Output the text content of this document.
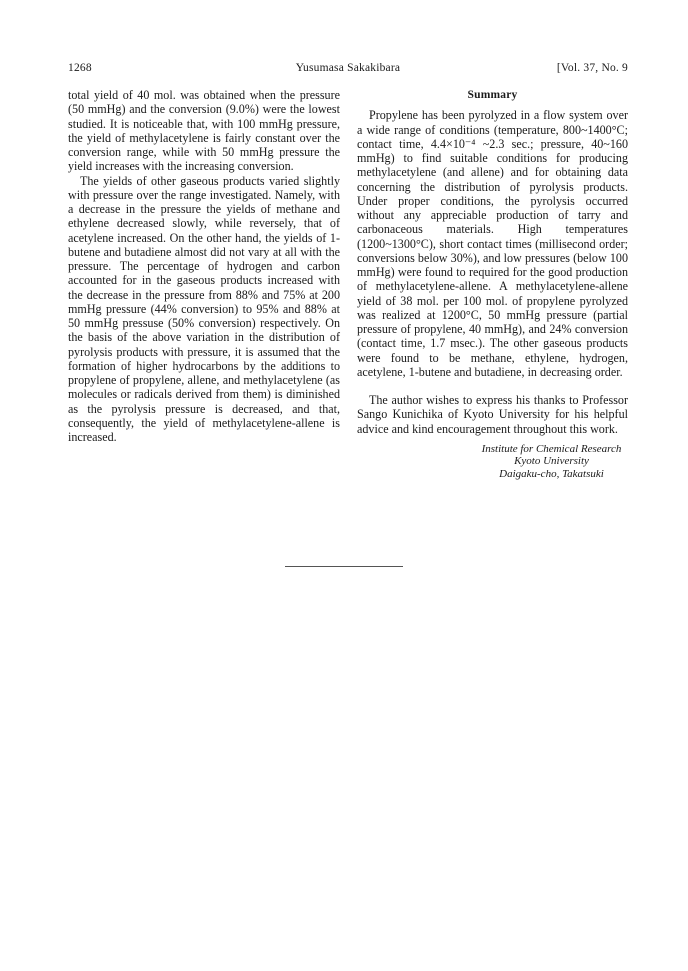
1268	Yusumasa Sakakibara	[Vol. 37, No. 9

total yield of 40 mol. was obtained when the pressure (50 mmHg) and the conversion (9.0%) were the lowest studied. It is noticeable that, with 100 mmHg pressure, the yield of methylacetylene is fairly constant over the conversion range, while with 50 mmHg pressure the yield increases with the increasing conversion.

The yields of other gaseous products varied slightly with pressure over the range investigated. Namely, with a decrease in the pressure the yields of methane and ethylene decreased slowly, while reversely, that of acetylene increased. On the other hand, the yields of 1-butene and butadiene almost did not vary at all with the pressure. The percentage of hydrogen and carbon accounted for in the gaseous products increased with the decrease in the pressure from 88% and 75% at 200 mmHg pressure (44% conversion) to 95% and 88% at 50 mmHg pressuse (50% conversion) respectively. On the basis of the above variation in the distribution of pyrolysis products with pressure, it is assumed that the formation of higher hydrocarbons by the additions to propylene of propylene, allene, and methylacetylene (as molecules or radicals derived from them) is diminished as the pyrolysis pressure is decreased, and that, consequently, the yield of methylacetylene-allene is increased.

Summary

Propylene has been pyrolyzed in a flow system over a wide range of conditions (temperature, 800~1400°C; contact time, 4.4×10⁻⁴ ~2.3 sec.; pressure, 40~160 mmHg) to find suitable conditions for producing methylacetylene (and allene) and for obtaining data concerning the distribution of pyrolysis products. Under proper conditions, the pyrolysis occurred without any appreciable production of tarry and carbonaceous materials. High temperatures (1200~1300°C), short contact times (millisecond order; conversions below 30%), and low pressures (below 100 mmHg) were found to required for the good production of methylacetylene-allene. A methylacetylene-allene yield of 38 mol. per 100 mol. of propylene pyrolyzed was realized at 1200°C, 50 mmHg pressure (partial pressure of propylene, 40 mmHg), and 24% conversion (contact time, 1.7 msec.). The other gaseous products were found to be methane, ethylene, hydrogen, acetylene, 1-butene and butadiene, in decreasing order.

The author wishes to express his thanks to Professor Sango Kunichika of Kyoto University for his helpful advice and kind encouragement throughout this work.

Institute for Chemical Research
Kyoto University
Daigaku-cho, Takatsuki
